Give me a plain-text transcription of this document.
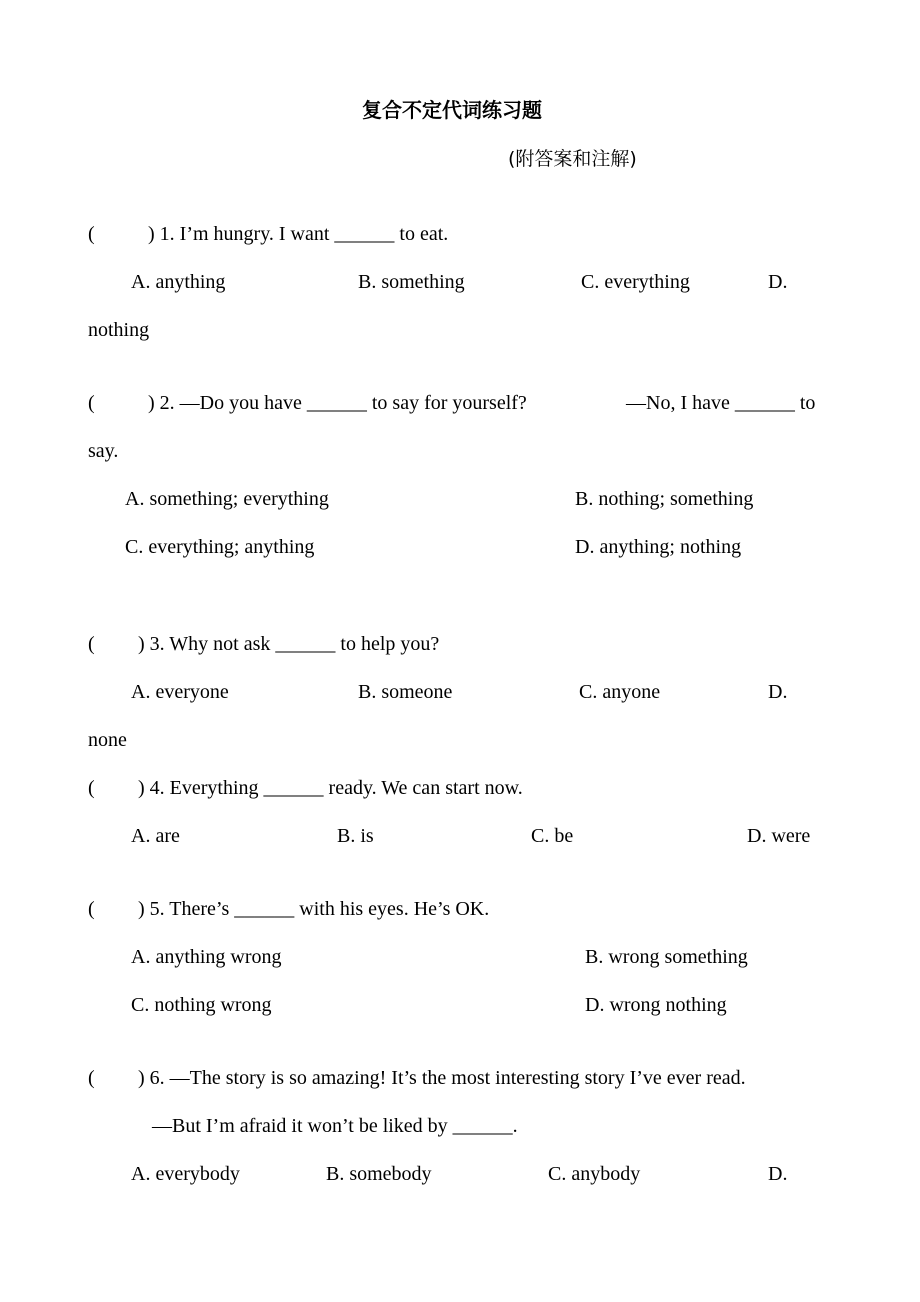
复合不定代词练习题
(附答案和注解)
(	) 1. I’m hungry. I want ______ to eat.
A. anything	B. something	C. everything	D.
nothing
(	) 2. —Do you have ______ to say for yourself?	—No, I have ______ to
say.
A. something; everything	B. nothing; something
C. everything; anything	D. anything; nothing
( ) 3. Why not ask ______ to help you?
A. everyone	B. someone	C. anyone	D.
none
( ) 4. Everything ______ ready. We can start now.
A. are	B. is	C. be	D. were
( ) 5. There’s ______ with his eyes. He’s OK.
A. anything wrong	B. wrong something
C. nothing wrong	D. wrong nothing
( ) 6. —The story is so amazing! It’s the most interesting story I’ve ever read.
—But I’m afraid it won’t be liked by ______.
A. everybody	B. somebody	C. anybody	D.
